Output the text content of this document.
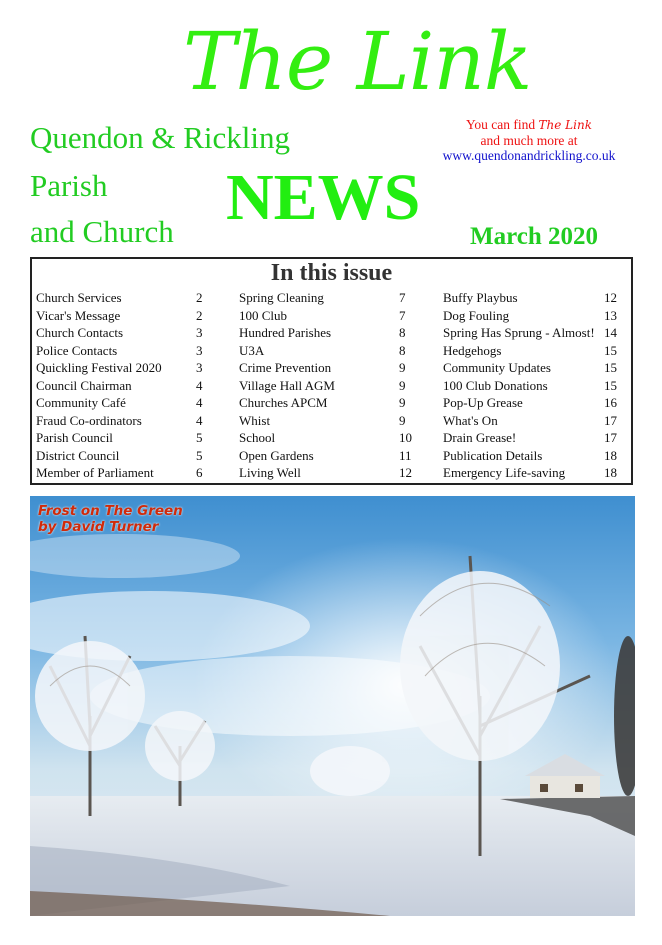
The Link
Quendon & Rickling
Parish
and Church NEWS
You can find The Link
and much more at
www.quendonandrickling.co.uk
March 2020
In this issue
Church Services	2
Vicar's Message	2
Church Contacts	3
Police Contacts	3
Quickling Festival 2020	3
Council Chairman	4
Community Café	4
Fraud Co-ordinators	4
Parish Council	5
District Council	5
Member of Parliament	6
Spring Cleaning	7
100 Club	7
Hundred Parishes	8
U3A	8
Crime Prevention	9
Village Hall AGM	9
Churches APCM	9
Whist	9
School	10
Open Gardens	11
Living Well	12
Buffy Playbus	12
Dog Fouling	13
Spring Has Sprung - Almost! 14
Hedgehogs	15
Community Updates	15
100 Club Donations	15
Pop-Up Grease	16
What's On	17
Drain Grease!	17
Publication Details	18
Emergency Life-saving	18
Frost on The Green
by David Turner
